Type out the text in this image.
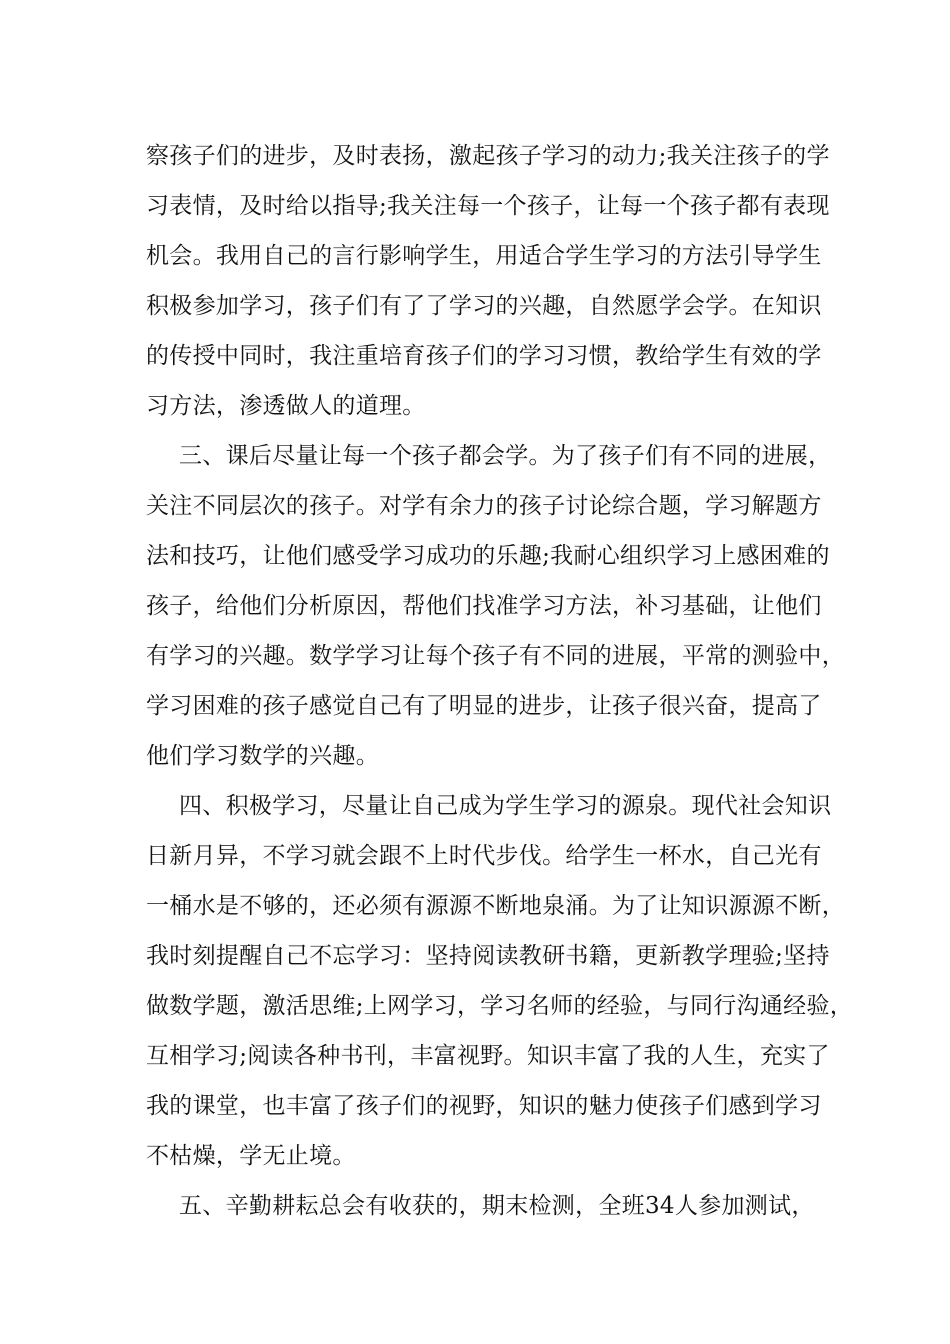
察孩子们的进步，及时表扬，激起孩子学习的动力;我关注孩子的学
习表情，及时给以指导;我关注每一个孩子，让每一个孩子都有表现
机会。我用自己的言行影响学生，用适合学生学习的方法引导学生
积极参加学习，孩子们有了了学习的兴趣，自然愿学会学。在知识
的传授中同时，我注重培育孩子们的学习习惯，教给学生有效的学
习方法，渗透做人的道理。
三、课后尽量让每一个孩子都会学。为了孩子们有不同的进展，
关注不同层次的孩子。对学有余力的孩子讨论综合题，学习解题方
法和技巧，让他们感受学习成功的乐趣;我耐心组织学习上感困难的
孩子，给他们分析原因，帮他们找准学习方法，补习基础，让他们
有学习的兴趣。数学学习让每个孩子有不同的进展，平常的测验中，
学习困难的孩子感觉自己有了明显的进步，让孩子很兴奋，提高了
他们学习数学的兴趣。
四、积极学习，尽量让自己成为学生学习的源泉。现代社会知识
日新月异，不学习就会跟不上时代步伐。给学生一杯水，自己光有
一桶水是不够的，还必须有源源不断地泉涌。为了让知识源源不断，
我时刻提醒自己不忘学习：坚持阅读教研书籍，更新教学理验;坚持
做数学题，激活思维;上网学习，学习名师的经验，与同行沟通经验，
互相学习;阅读各种书刊，丰富视野。知识丰富了我的人生，充实了
我的课堂，也丰富了孩子们的视野，知识的魅力使孩子们感到学习
不枯燥，学无止境。
五、辛勤耕耘总会有收获的，期末检测，全班34人参加测试，
